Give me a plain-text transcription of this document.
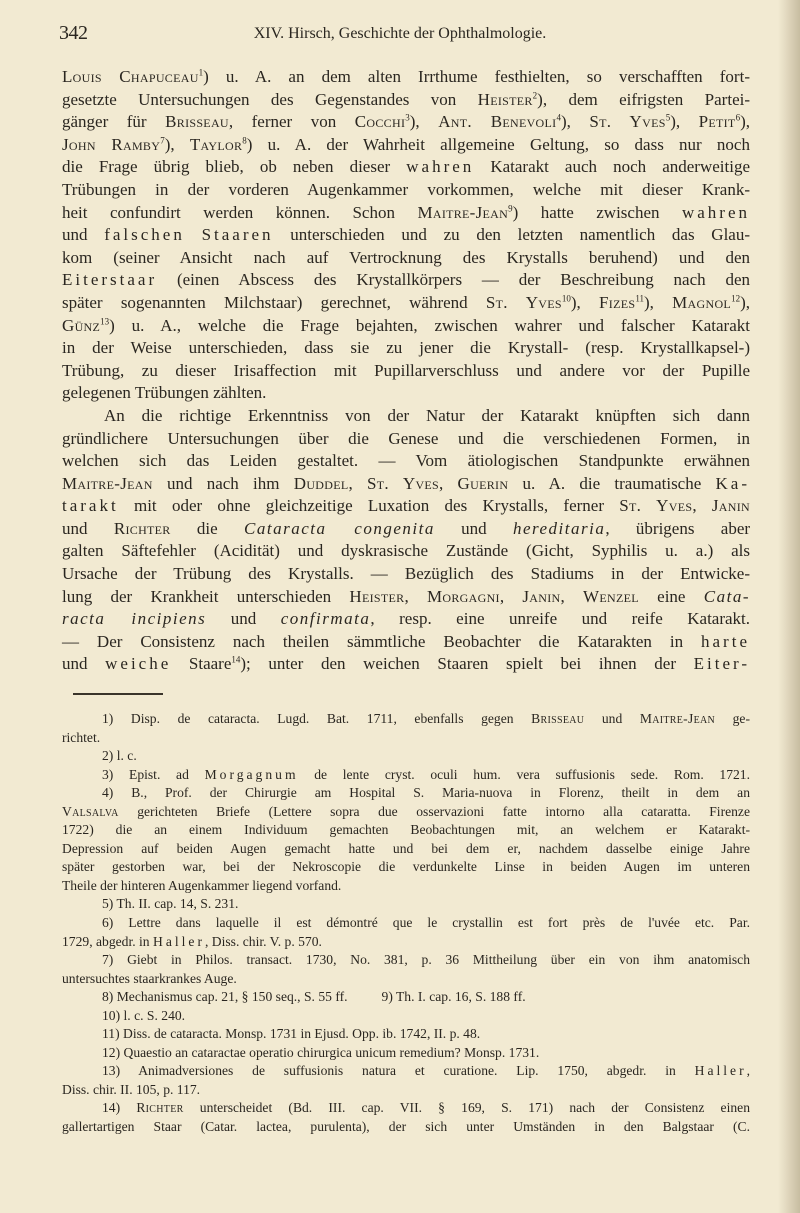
342	XIV. Hirsch, Geschichte der Ophthalmologie.
Louis Chapuceau$^1$) u. A. an dem alten Irrthume festhielten, so verschafften fort-
gesetzte Untersuchungen des Gegenstandes von Heister$^2$), dem eifrigsten Partei-
gänger für Brisseau, ferner von Cocchi$^3$), Ant. Benevoli$^4$), St. Yves$^5$), Petit$^6$),
John Ramby$^7$), Taylor$^8$) u. A. der Wahrheit allgemeine Geltung, so dass nur noch
die Frage übrig blieb, ob neben dieser wahren Katarakt auch noch anderweitige
Trübungen in der vorderen Augenkammer vorkommen, welche mit dieser Krank-
heit confundirt werden können. Schon Maitre-Jean$^9$) hatte zwischen wahren
und falschen Staaren unterschieden und zu den letzten namentlich das Glau-
kom (seiner Ansicht nach auf Vertrocknung des Krystalls beruhend) und den
Eiterstaar (einen Abscess des Krystallkörpers — der Beschreibung nach den
später sogenannten Milchstaar) gerechnet, während St. Yves$^{10}$), Fizes$^{11}$), Magnol$^{12}$),
Günz$^{13}$) u. A., welche die Frage bejahten, zwischen wahrer und falscher Katarakt
in der Weise unterschieden, dass sie zu jener die Krystall- (resp. Krystallkapsel-)
Trübung, zu dieser Irisaffection mit Pupillarverschluss und andere vor der Pupille
gelegenen Trübungen zählten.
An die richtige Erkenntniss von der Natur der Katarakt knüpften sich dann
gründlichere Untersuchungen über die Genese und die verschiedenen Formen, in
welchen sich das Leiden gestaltet. — Vom ätiologischen Standpunkte erwähnen
Maitre-Jean und nach ihm Duddel, St. Yves, Guerin u. A. die traumatische Ka-
tarakt mit oder ohne gleichzeitige Luxation des Krystalls, ferner St. Yves, Janin
und Richter die Cataracta congenita und hereditaria, übrigens aber
galten Säftefehler (Acidität) und dyskrasische Zustände (Gicht, Syphilis u. a.) als
Ursache der Trübung des Krystalls. — Bezüglich des Stadiums in der Entwicke-
lung der Krankheit unterschieden Heister, Morgagni, Janin, Wenzel eine Cata-
racta incipiens und confirmata, resp. eine unreife und reife Katarakt.
— Der Consistenz nach theilen sämmtliche Beobachter die Katarakten in harte
und weiche Staare$^{14}$); unter den weichen Staaren spielt bei ihnen der Eiter-
1) Disp. de cataracta. Lugd. Bat. 1711, ebenfalls gegen Brisseau und Maitre-Jean ge-
richtet.
2) l. c.
3) Epist. ad Morgagnum de lente cryst. oculi hum. vera suffusionis sede. Rom. 1721.
4) B., Prof. der Chirurgie am Hospital S. Maria-nuova in Florenz, theilt in dem an
Valsalva gerichteten Briefe (Lettere sopra due osservazioni fatte intorno alla cataratta. Firenze
1722) die an einem Individuum gemachten Beobachtungen mit, an welchem er Katarakt-
Depression auf beiden Augen gemacht hatte und bei dem er, nachdem dasselbe einige Jahre
später gestorben war, bei der Nekroscopie die verdunkelte Linse in beiden Augen im unteren
Theile der hinteren Augenkammer liegend vorfand.
5) Th. II. cap. 14, S. 231.
6) Lettre dans laquelle il est démontré que le crystallin est fort près de l'uvée etc. Par.
1729, abgedr. in Haller, Diss. chir. V. p. 570.
7) Giebt in Philos. transact. 1730, No. 381, p. 36 Mittheilung über ein von ihm anatomisch
untersuchtes staarkrankes Auge.
8) Mechanismus cap. 21, § 150 seq., S. 55 ff.          9) Th. I. cap. 16, S. 188 ff.
10) l. c. S. 240.
11) Diss. de cataracta. Monsp. 1731 in Ejusd. Opp. ib. 1742, II. p. 48.
12) Quaestio an cataractae operatio chirurgica unicum remedium? Monsp. 1731.
13) Animadversiones de suffusionis natura et curatione. Lip. 1750, abgedr. in Haller,
Diss. chir. II. 105, p. 117.
14) Richter unterscheidet (Bd. III. cap. VII. § 169, S. 171) nach der Consistenz einen
gallertartigen Staar (Catar. lactea, purulenta), der sich unter Umständen in den Balgstaar (C.
